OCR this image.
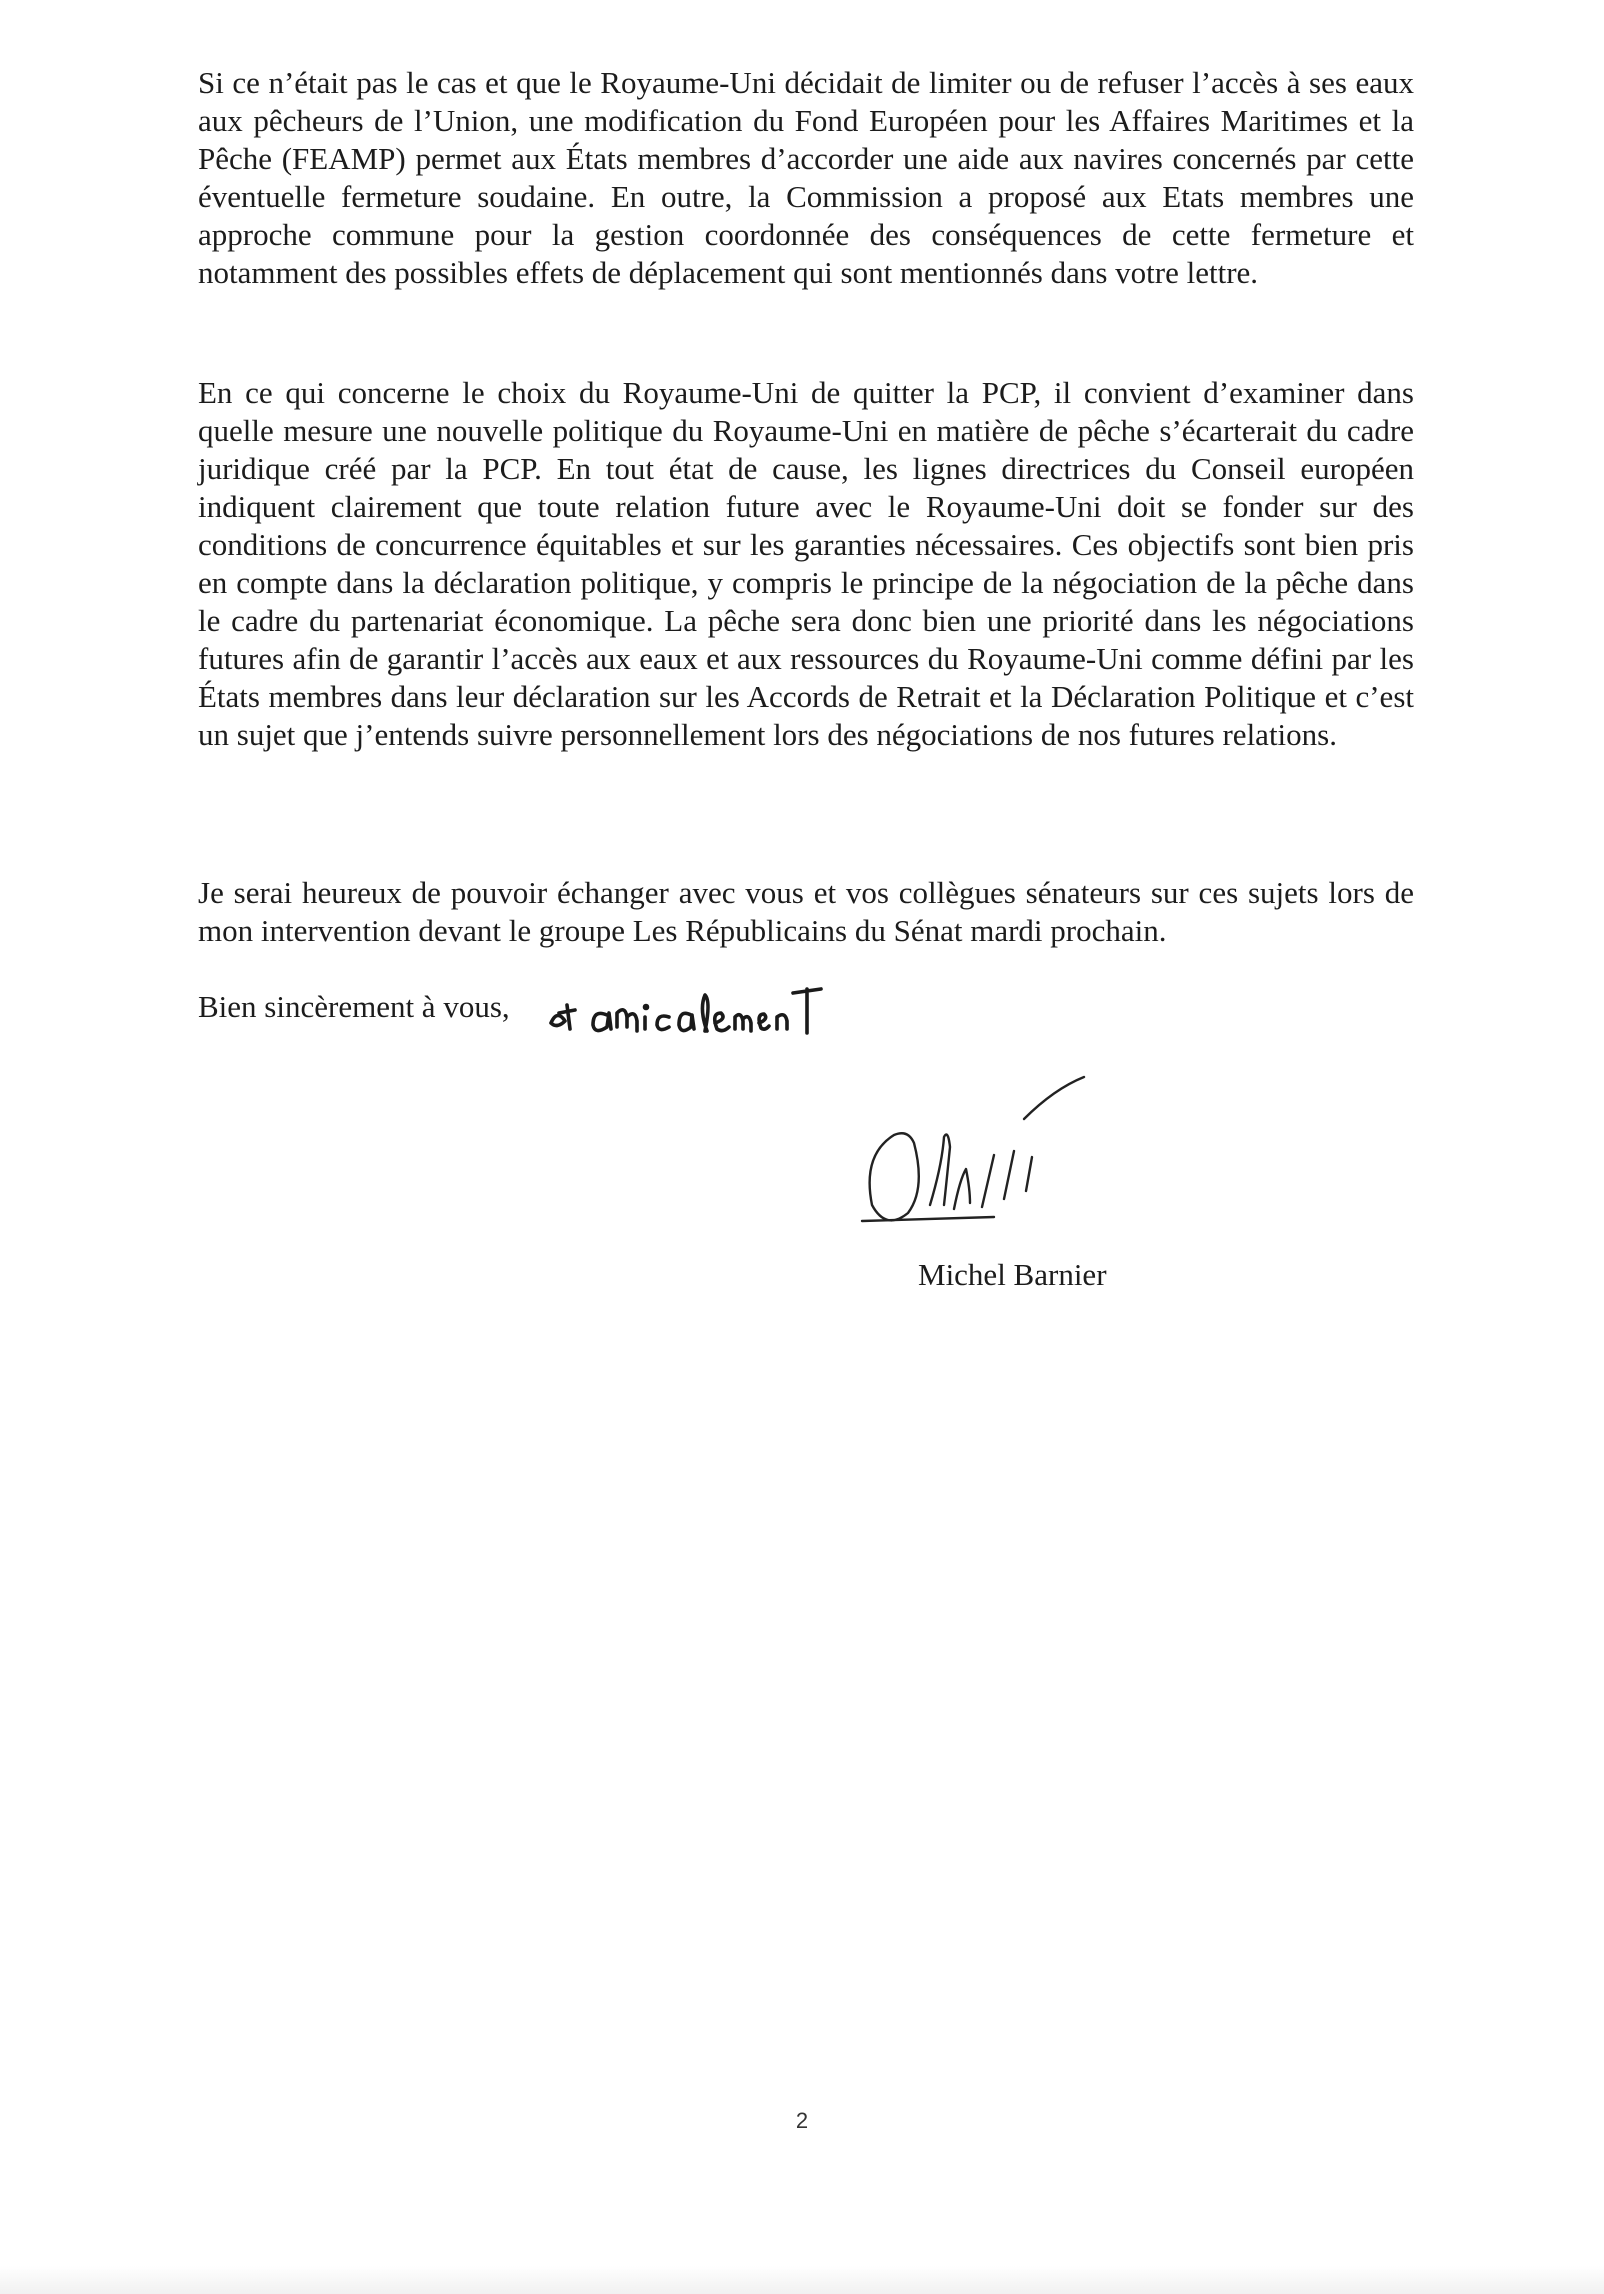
Si ce n’était pas le cas et que le Royaume-Uni décidait de limiter ou de refuser l’accès à ses eaux aux pêcheurs de l’Union, une modification du Fond Européen pour les Affaires Maritimes et la Pêche (FEAMP) permet aux États membres d’accorder une aide aux navires concernés par cette éventuelle fermeture soudaine. En outre, la Commission a proposé aux Etats membres une approche commune pour la gestion coordonnée des conséquences de cette fermeture et notamment des possibles effets de déplacement qui sont mentionnés dans votre lettre.

En ce qui concerne le choix du Royaume-Uni de quitter la PCP, il convient d’examiner dans quelle mesure une nouvelle politique du Royaume-Uni en matière de pêche s’écarterait du cadre juridique créé par la PCP. En tout état de cause, les lignes directrices du Conseil européen indiquent clairement que toute relation future avec le Royaume-Uni doit se fonder sur des conditions de concurrence équitables et sur les garanties nécessaires. Ces objectifs sont bien pris en compte dans la déclaration politique, y compris le principe de la négociation de la pêche dans le cadre du partenariat économique. La pêche sera donc bien une priorité dans les négociations futures afin de garantir l’accès aux eaux et aux ressources du Royaume-Uni comme défini par les États membres dans leur déclaration sur les Accords de Retrait et la Déclaration Politique et c’est un sujet que j’entends suivre personnellement lors des négociations de nos futures relations.

Je serai heureux de pouvoir échanger avec vous et vos collègues sénateurs sur ces sujets lors de mon intervention devant le groupe Les Républicains du Sénat mardi prochain.

Bien sincèrement à vous,
Michel Barnier
2
